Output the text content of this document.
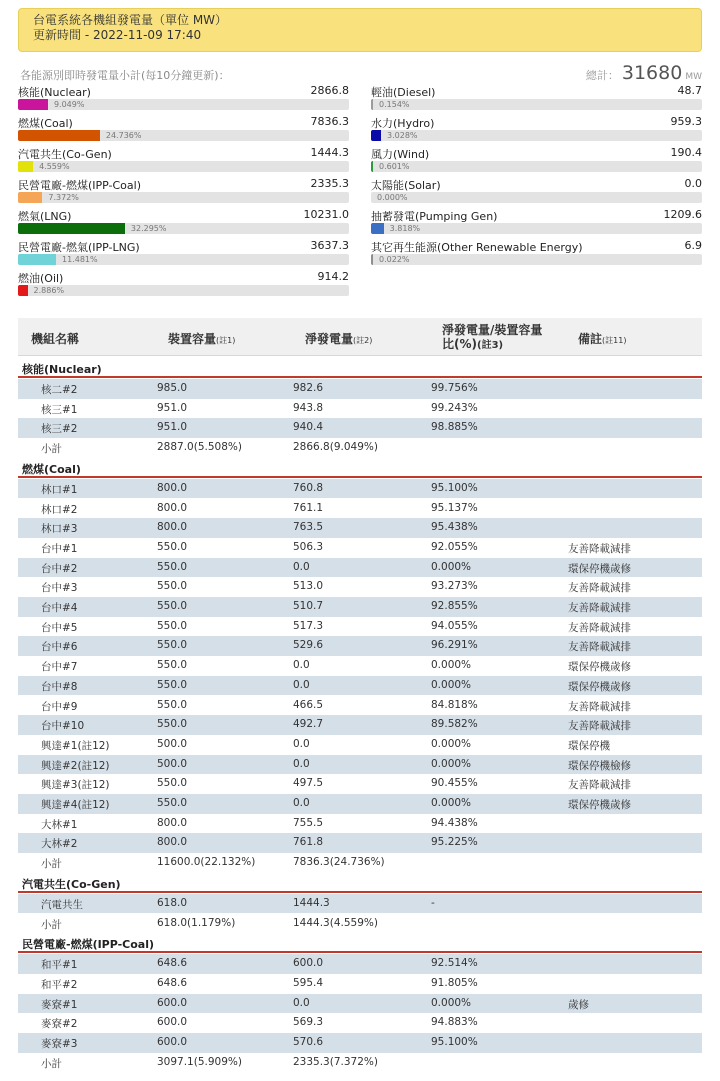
台電系統各機組發電量（單位 MW）
更新時間 - 2022-11-09 17:40
各能源別即時發電量小計(每10分鐘更新)：	總計： 31680 MW
核能(Nuclear)	2866.8
9.049%
燃煤(Coal)	7836.3
24.736%
汽電共生(Co-Gen)	1444.3
4.559%
民營電廠-燃煤(IPP-Coal)	2335.3
7.372%
燃氣(LNG)	10231.0
32.295%
民營電廠-燃氣(IPP-LNG)	3637.3
11.481%
燃油(Oil)	914.2
2.886%
輕油(Diesel)	48.7
0.154%
水力(Hydro)	959.3
3.028%
風力(Wind)	190.4
0.601%
太陽能(Solar)	0.0
0.000%
抽蓄發電(Pumping Gen)	1209.6
3.818%
其它再生能源(Other Renewable Energy)	6.9
0.022%
機組名稱	裝置容量(註1)	淨發電量(註2)
淨發電量/裝置容量
比(%)(註3)	備註(註11)
核能(Nuclear)
核二#2	985.0	982.6	99.756%
核三#1	951.0	943.8	99.243%
核三#2	951.0	940.4	98.885%
小計	2887.0(5.508%)	2866.8(9.049%)
燃煤(Coal)
林口#1	800.0	760.8	95.100%
林口#2	800.0	761.1	95.137%
林口#3	800.0	763.5	95.438%
台中#1	550.0	506.3	92.055%	友善降載減排
台中#2	550.0	0.0	0.000%	環保停機歲修
台中#3	550.0	513.0	93.273%	友善降載減排
台中#4	550.0	510.7	92.855%	友善降載減排
台中#5	550.0	517.3	94.055%	友善降載減排
台中#6	550.0	529.6	96.291%	友善降載減排
台中#7	550.0	0.0	0.000%	環保停機歲修
台中#8	550.0	0.0	0.000%	環保停機歲修
台中#9	550.0	466.5	84.818%	友善降載減排
台中#10	550.0	492.7	89.582%	友善降載減排
興達#1(註12)	500.0	0.0	0.000%	環保停機
興達#2(註12)	500.0	0.0	0.000%	環保停機檢修
興達#3(註12)	550.0	497.5	90.455%	友善降載減排
興達#4(註12)	550.0	0.0	0.000%	環保停機歲修
大林#1	800.0	755.5	94.438%
大林#2	800.0	761.8	95.225%
小計	11600.0(22.132%)	7836.3(24.736%)
汽電共生(Co-Gen)
汽電共生	618.0	1444.3	-
小計	618.0(1.179%)	1444.3(4.559%)
民營電廠-燃煤(IPP-Coal)
和平#1	648.6	600.0	92.514%
和平#2	648.6	595.4	91.805%
麥寮#1	600.0	0.0	0.000%	歲修
麥寮#2	600.0	569.3	94.883%
麥寮#3	600.0	570.6	95.100%
小計	3097.1(5.909%)	2335.3(7.372%)
